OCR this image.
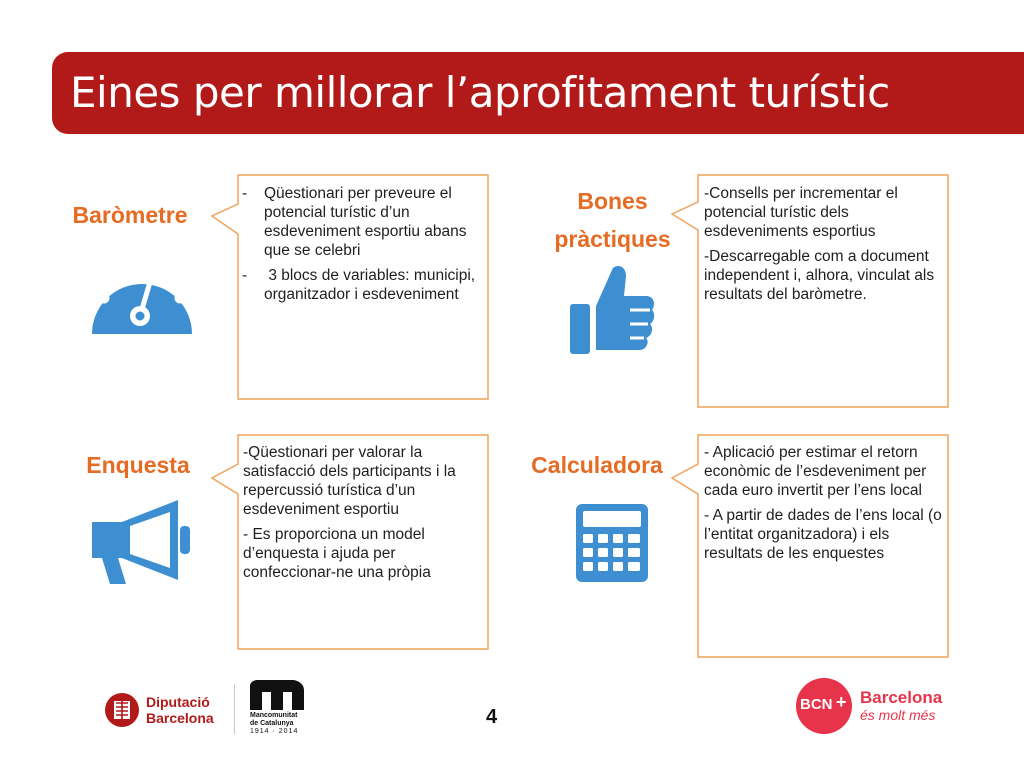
Eines per millorar l’aprofitament turístic
Baròmetre
- Qüestionari per preveure el potencial turístic d’un esdeveniment esportiu abans que se celebri
-  3 blocs de variables: municipi, organitzador i esdeveniment
Bones pràctiques

-Consells per incrementar el potencial turístic dels esdeveniments esportius

-Descarregable com a document independent i, alhora, vinculat als resultats del baròmetre.

Enquesta	-Qüestionari per valorar la satisfacció dels participants i la repercussió turística d’un esdeveniment esportiu

- Es proporciona un model d’enquesta i ajuda per confeccionar-ne una pròpia

Calculadora	- Aplicació per estimar el retorn econòmic de l’esdeveniment per cada euro invertit per l’ens local

- A partir de dades de l’ens local (o l’entitat organitzadora) i els resultats de les enquestes

4
Diputació
Barcelona	Mancomunitat
de Catalunya
1914 · 2014
BCN + Barcelona
és molt més
